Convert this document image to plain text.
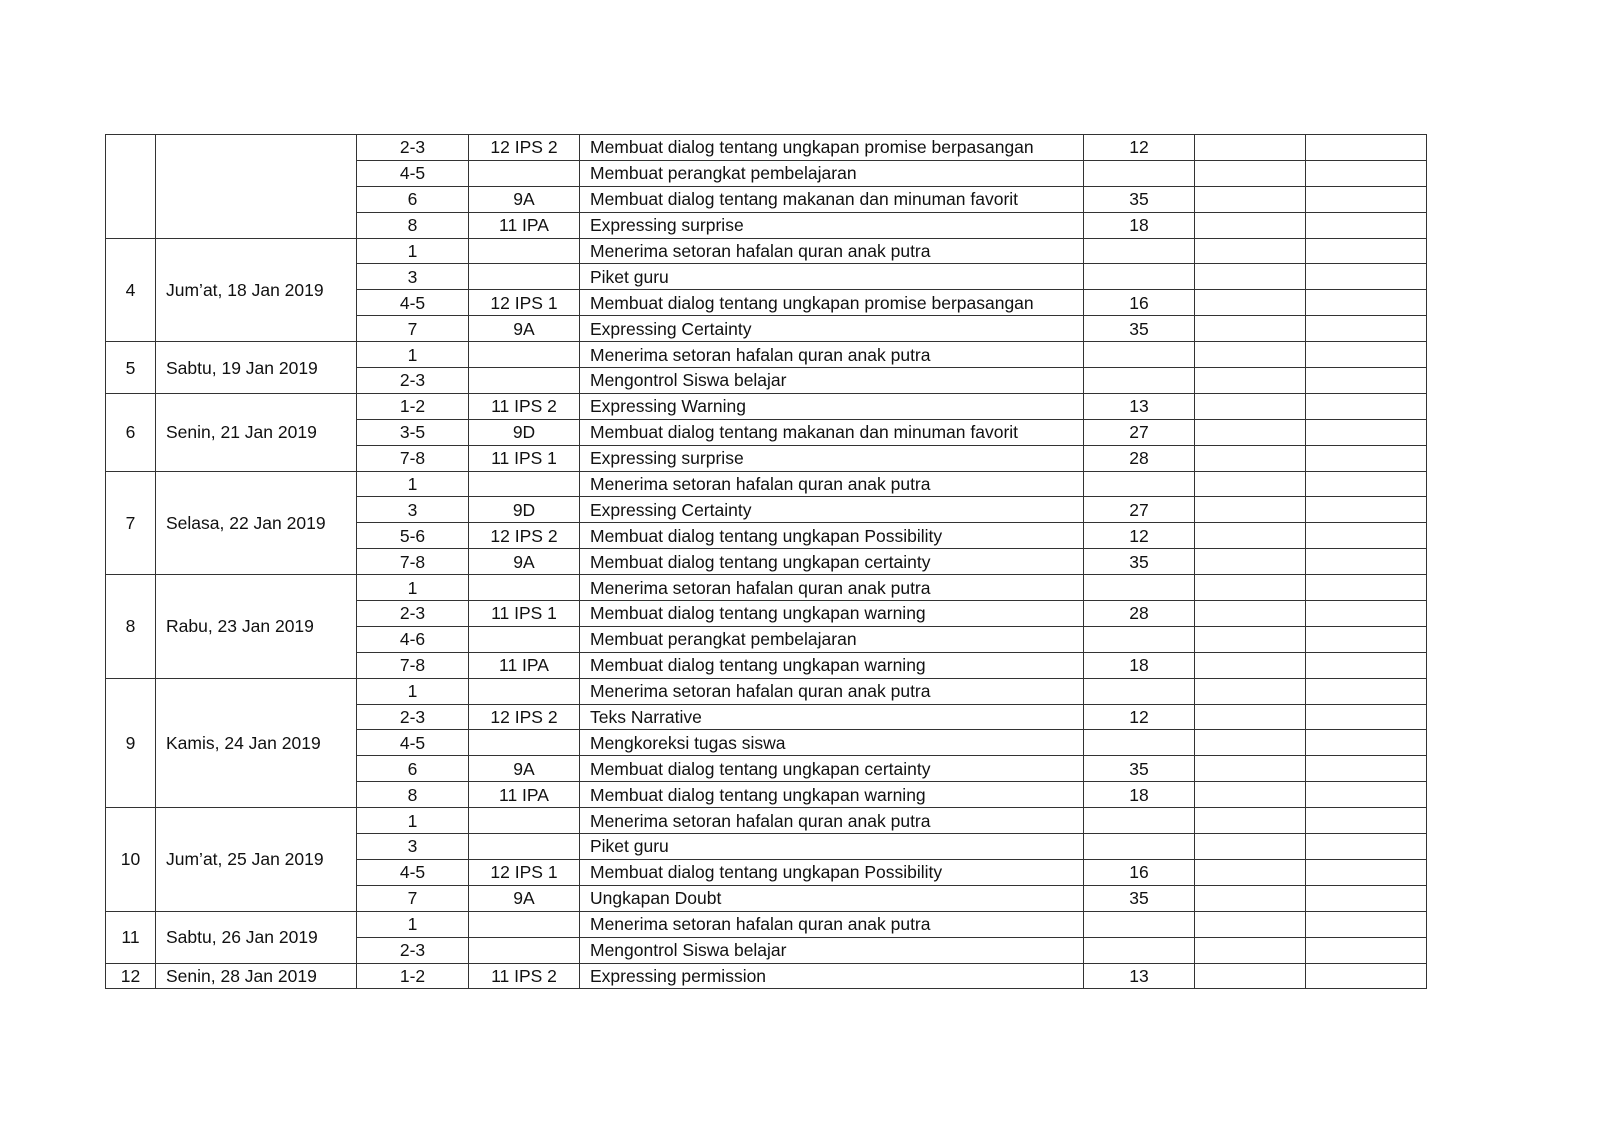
		2-3	12 IPS 2	Membuat dialog tentang ungkapan promise berpasangan	12		
		4-5		Membuat perangkat pembelajaran			
		6	9A	Membuat dialog tentang makanan dan minuman favorit	35		
		8	11 IPA	Expressing surprise	18		
4	Jum’at, 18 Jan 2019	1		Menerima setoran hafalan quran anak putra			
		3		Piket guru			
		4-5	12 IPS 1	Membuat dialog tentang ungkapan promise berpasangan	16		
		7	9A	Expressing Certainty	35		
5	Sabtu, 19 Jan 2019	1		Menerima setoran hafalan quran anak putra			
		2-3		Mengontrol Siswa belajar			
6	Senin, 21 Jan 2019	1-2	11 IPS 2	Expressing Warning	13		
		3-5	9D	Membuat dialog tentang makanan dan minuman favorit	27		
		7-8	11 IPS 1	Expressing surprise	28		
7	Selasa, 22 Jan 2019	1		Menerima setoran hafalan quran anak putra			
		3	9D	Expressing Certainty	27		
		5-6	12 IPS 2	Membuat dialog tentang ungkapan Possibility	12		
		7-8	9A	Membuat dialog tentang ungkapan certainty	35		
8	Rabu, 23 Jan 2019	1		Menerima setoran hafalan quran anak putra			
		2-3	11 IPS 1	Membuat dialog tentang ungkapan warning	28		
		4-6		Membuat perangkat pembelajaran			
		7-8	11 IPA	Membuat dialog tentang ungkapan warning	18		
9	Kamis, 24 Jan 2019	1		Menerima setoran hafalan quran anak putra			
		2-3	12 IPS 2	Teks Narrative	12		
		4-5		Mengkoreksi tugas siswa			
		6	9A	Membuat dialog tentang ungkapan certainty	35		
		8	11 IPA	Membuat dialog tentang ungkapan warning	18		
10	Jum’at, 25 Jan 2019	1		Menerima setoran hafalan quran anak putra			
		3		Piket guru			
		4-5	12 IPS 1	Membuat dialog tentang ungkapan Possibility	16		
		7	9A	Ungkapan Doubt	35		
11	Sabtu, 26 Jan 2019	1		Menerima setoran hafalan quran anak putra			
		2-3		Mengontrol Siswa belajar			
12	Senin, 28 Jan 2019	1-2	11 IPS 2	Expressing permission	13		
